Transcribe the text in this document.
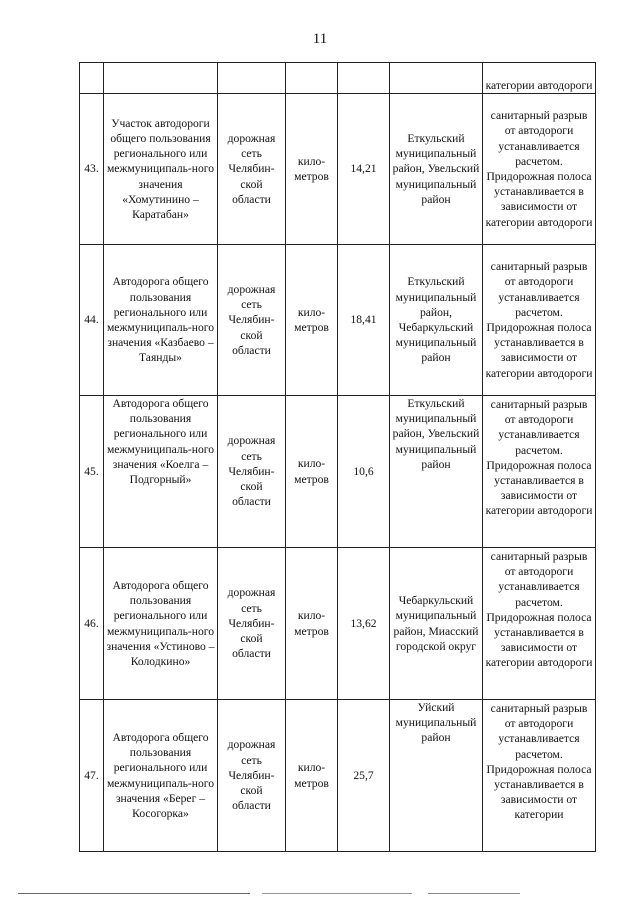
11
						категории автодороги
43.	Участок автодороги общего пользования регионального или межмуниципаль-ного значения «Хомутинино – Каратабан»	дорожная сеть Челябин-ской области	кило-метров	14,21	Еткульский муниципальный район, Увельский муниципальный район	санитарный разрыв от автодороги устанавливается расчетом. Придорожная полоса устанавливается в зависимости от категории автодороги
44.	Автодорога общего пользования регионального или межмуниципаль-ного значения «Казбаево – Таянды»	дорожная сеть Челябин-ской области	кило-метров	18,41	Еткульский муниципальный район, Чебаркульский муниципальный район	санитарный разрыв от автодороги устанавливается расчетом. Придорожная полоса устанавливается в зависимости от категории автодороги
45.	Автодорога общего пользования регионального или межмуниципаль-ного значения «Коелга – Подгорный»	дорожная сеть Челябин-ской области	кило-метров	10,6	Еткульский муниципальный район, Увельский муниципальный район	санитарный разрыв от автодороги устанавливается расчетом. Придорожная полоса устанавливается в зависимости от категории автодороги
46.	Автодорога общего пользования регионального или межмуниципаль-ного значения «Устиново – Колодкино»	дорожная сеть Челябин-ской области	кило-метров	13,62	Чебаркульский муниципальный район, Миасский городской округ	санитарный разрыв от автодороги устанавливается расчетом. Придорожная полоса устанавливается в зависимости от категории автодороги
47.	Автодорога общего пользования регионального или межмуниципаль-ного значения «Берег – Косогорка»	дорожная сеть Челябин-ской области	кило-метров	25,7	Уйский муниципальный район	санитарный разрыв от автодороги устанавливается расчетом. Придорожная полоса устанавливается в зависимости от категории
